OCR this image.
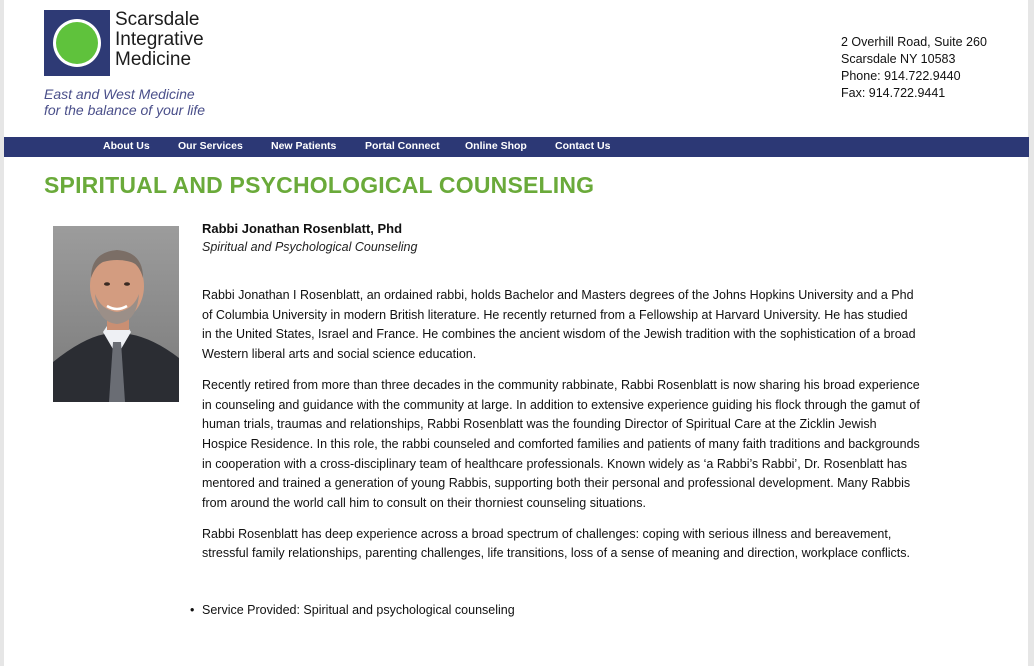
Scarsdale
Integrative
Medicine
East and West Medicine
for the balance of your life
2 Overhill Road, Suite 260
Scarsdale NY 10583
Phone: 914.722.9440
Fax: 914.722.9441
About Us	Our Services	New Patients	Portal Connect Online Shop	Contact Us
SPIRITUAL AND PSYCHOLOGICAL COUNSELING
Rabbi Jonathan Rosenblatt, Phd
Spiritual and Psychological Counseling

Rabbi Jonathan I Rosenblatt, an ordained rabbi, holds Bachelor and Masters degrees of the Johns Hopkins University and a Phd of Columbia University in modern British literature. He recently returned from a Fellowship at Harvard University. He has studied in the United States, Israel and France. He combines the ancient wisdom of the Jewish tradition with the sophistication of a broad Western liberal arts and social science education.

Recently retired from more than three decades in the community rabbinate, Rabbi Rosenblatt is now sharing his broad experience in counseling and guidance with the community at large. In addition to extensive experience guiding his flock through the gamut of human trials, traumas and relationships, Rabbi Rosenblatt was the founding Director of Spiritual Care at the Zicklin Jewish Hospice Residence. In this role, the rabbi counseled and comforted families and patients of many faith traditions and backgrounds in cooperation with a cross-disciplinary team of healthcare professionals. Known widely as ‘a Rabbi’s Rabbi’, Dr. Rosenblatt has mentored and trained a generation of young Rabbis, supporting both their personal and professional development. Many Rabbis from around the world call him to consult on their thorniest counseling situations.

Rabbi Rosenblatt has deep experience across a broad spectrum of challenges: coping with serious illness and bereavement, stressful family relationships, parenting challenges, life transitions, loss of a sense of meaning and direction, workplace conflicts.

• Service Provided: Spiritual and psychological counseling
